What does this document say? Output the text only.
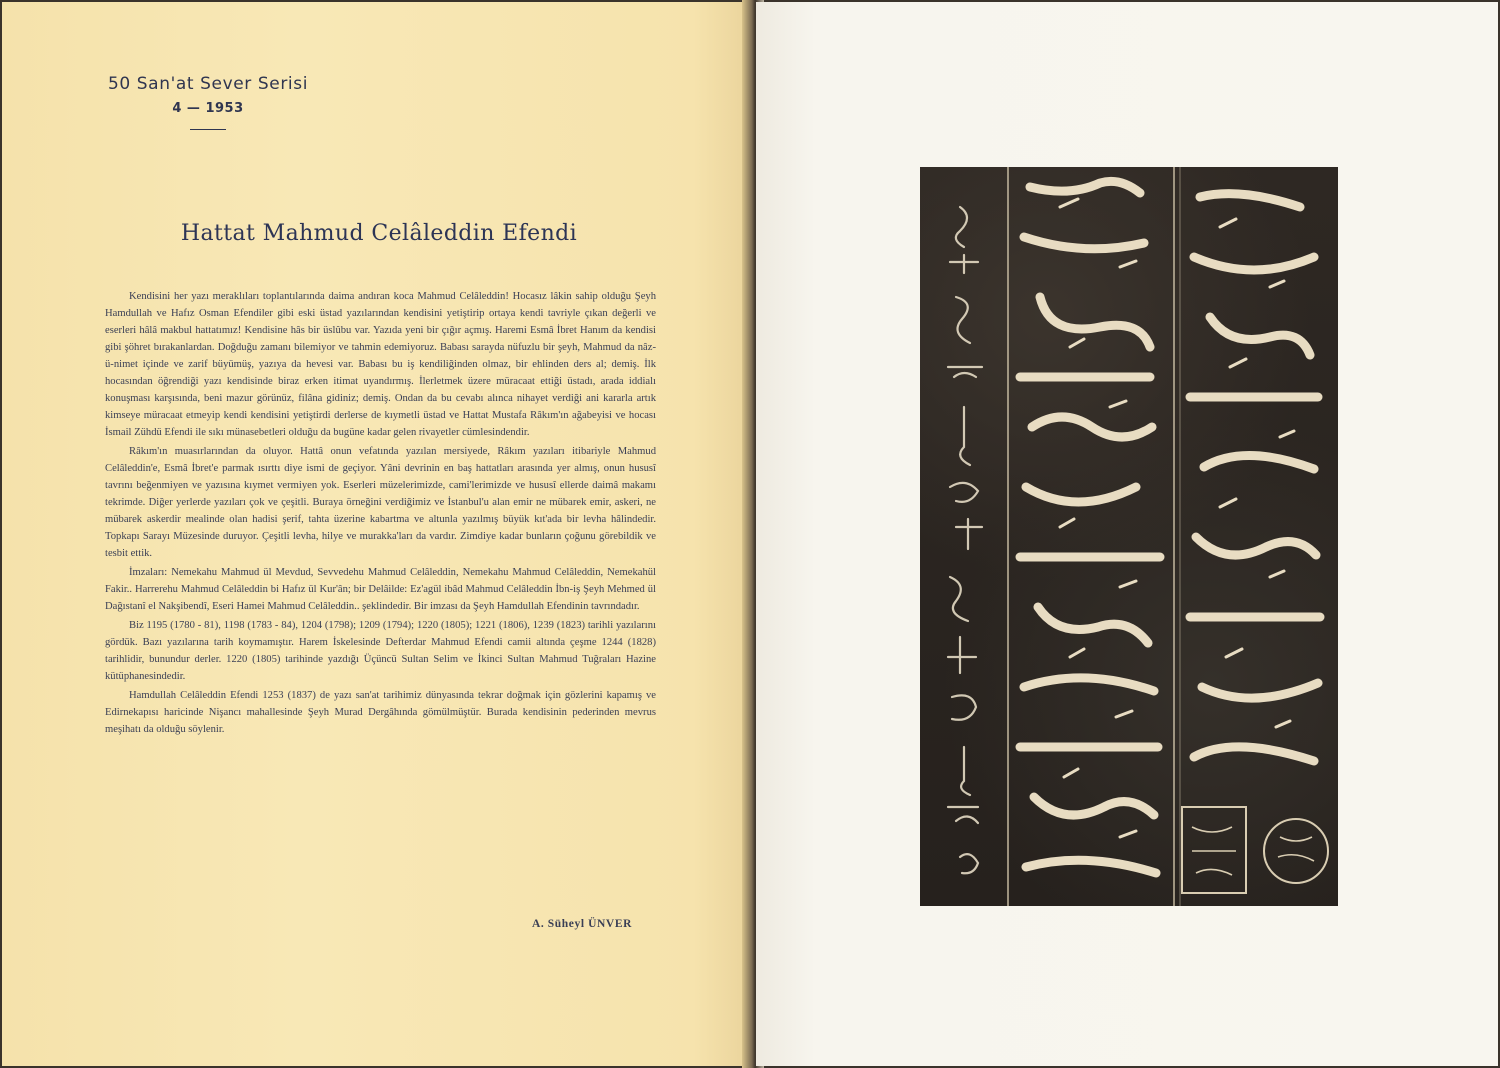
50 San'at Sever Serisi
4 — 1953
Hattat Mahmud Celâleddin Efendi

Kendisini her yazı meraklıları toplantılarında daima andıran koca Mahmud Celâleddin! Hocasız lâkin sahip olduğu Şeyh Hamdullah ve Hafız Osman Efendiler gibi eski üstad yazılarından kendisini yetiştirip ortaya kendi tavriyle çıkan değerli ve eserleri hâlâ makbul hattatımız! Kendisine hâs bir üslûbu var. Yazıda yeni bir çığır açmış. Haremi Esmâ İbret Hanım da kendisi gibi şöhret bırakanlardan. Doğduğu zamanı bilemiyor ve tahmin edemiyoruz. Babası sarayda nüfuzlu bir şeyh, Mahmud da nâz-ü-nimet içinde ve zarif büyümüş, yazıya da hevesi var. Babası bu iş kendiliğinden olmaz, bir ehlinden ders al; demiş. İlk hocasından öğrendiği yazı kendisinde biraz erken itimat uyandırmış. İlerletmek üzere müracaat ettiği üstadı, arada iddialı konuşması karşısında, beni mazur görünüz, filâna gidiniz; demiş. Ondan da bu cevabı alınca nihayet verdiği ani kararla artık kimseye müracaat etmeyip kendi kendisini yetiştirdi derlerse de kıymetli üstad ve Hattat Mustafa Râkım'ın ağabeyisi ve hocası İsmail Zühdü Efendi ile sıkı münasebetleri olduğu da bugüne kadar gelen rivayetler cümlesindendir.

Râkım'ın muasırlarından da oluyor. Hattâ onun vefatında yazılan mersiyede, Râkım yazıları itibariyle Mahmud Celâleddin'e, Esmâ İbret'e parmak ısırttı diye ismi de geçiyor. Yâni devrinin en baş hattatları arasında yer almış, onun hususî tavrını beğenmiyen ve yazısına kıymet vermiyen yok. Eserleri müzelerimizde, cami'lerimizde ve hususî ellerde daimâ makamı tekrimde. Diğer yerlerde yazıları çok ve çeşitli. Buraya örneğini verdiğimiz ve İstanbul'u alan emir ne mübarek emir, askeri, ne mübarek askerdir mealinde olan hadisi şerif, tahta üzerine kabartma ve altunla yazılmış büyük kıt'ada bir levha hâlindedir. Topkapı Sarayı Müzesinde duruyor. Çeşitli levha, hilye ve murakka'ları da vardır. Zimdiye kadar bunların çoğunu görebildik ve tesbit ettik.

İmzaları: Nemekahu Mahmud ül Mevdud, Sevvedehu Mahmud Celâleddin, Nemekahu Mahmud Celâleddin, Nemekahül Fakir.. Harrerehu Mahmud Celâleddin bi Hafız ül Kur'ân; bir Delâilde: Ez'agül ibâd Mahmud Celâleddin İbn-iş Şeyh Mehmed ül Dağıstanî el Nakşibendî, Eseri Hamei Mahmud Celâleddin.. şeklindedir. Bir imzası da Şeyh Hamdullah Efendinin tavrındadır.

Biz 1195 (1780 - 81), 1198 (1783 - 84), 1204 (1798); 1209 (1794); 1220 (1805); 1221 (1806), 1239 (1823) tarihli yazılarını gördük. Bazı yazılarına tarih koymamıştır. Harem İskelesinde Defterdar Mahmud Efendi camii altında çeşme 1244 (1828) tarihlidir, bunundur derler. 1220 (1805) tarihinde yazdığı Üçüncü Sultan Selim ve İkinci Sultan Mahmud Tuğraları Hazine kütüphanesindedir.

Hamdullah Celâleddin Efendi 1253 (1837) de yazı san'at tarihimiz dünyasında tekrar doğmak için gözlerini kapamış ve Edirnekapısı haricinde Nişancı mahallesinde Şeyh Murad Dergâhında gömülmüştür. Burada kendisinin pederinden mevrus meşihatı da olduğu söylenir.

A. Süheyl ÜNVER
